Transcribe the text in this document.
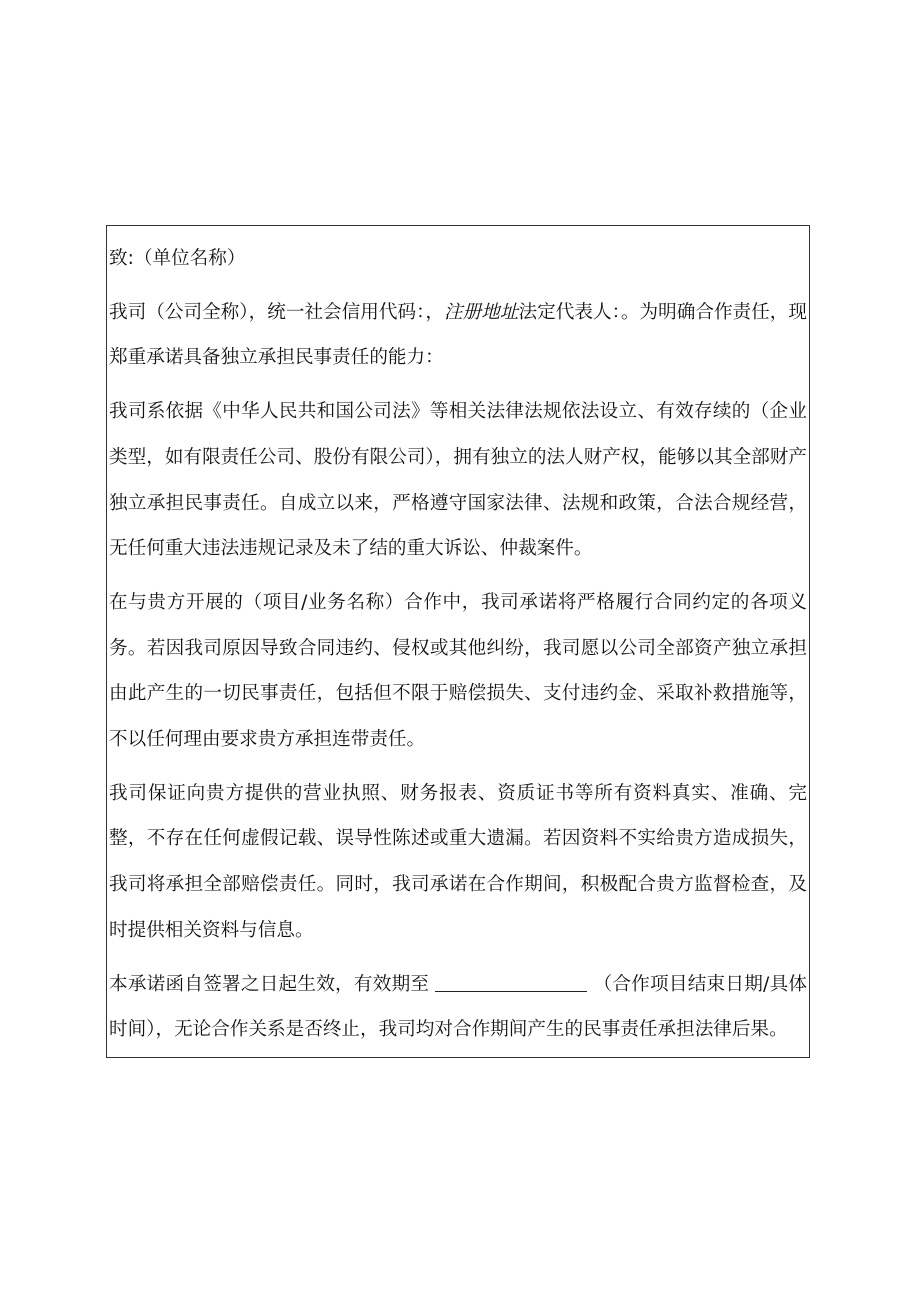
致:（单位名称）

我司（公司全称），统一社会信用代码：，注册地址法定代表人：。为明确合作责任，现郑重承诺具备独立承担民事责任的能力：

我司系依据《中华人民共和国公司法》等相关法律法规依法设立、有效存续的（企业类型，如有限责任公司、股份有限公司），拥有独立的法人财产权，能够以其全部财产独立承担民事责任。自成立以来，严格遵守国家法律、法规和政策，合法合规经营，无任何重大违法违规记录及未了结的重大诉讼、仲裁案件。

在与贵方开展的（项目/业务名称）合作中，我司承诺将严格履行合同约定的各项义务。若因我司原因导致合同违约、侵权或其他纠纷，我司愿以公司全部资产独立承担由此产生的一切民事责任，包括但不限于赔偿损失、支付违约金、采取补救措施等，不以任何理由要求贵方承担连带责任。

我司保证向贵方提供的营业执照、财务报表、资质证书等所有资料真实、准确、完整，不存在任何虚假记载、误导性陈述或重大遗漏。若因资料不实给贵方造成损失，我司将承担全部赔偿责任。同时，我司承诺在合作期间，积极配合贵方监督检查，及时提供相关资料与信息。

本承诺函自签署之日起生效，有效期至	（合作项目结束日期/具体时间），无论合作关系是否终止，我司均对合作期间产生的民事责任承担法律后果。
